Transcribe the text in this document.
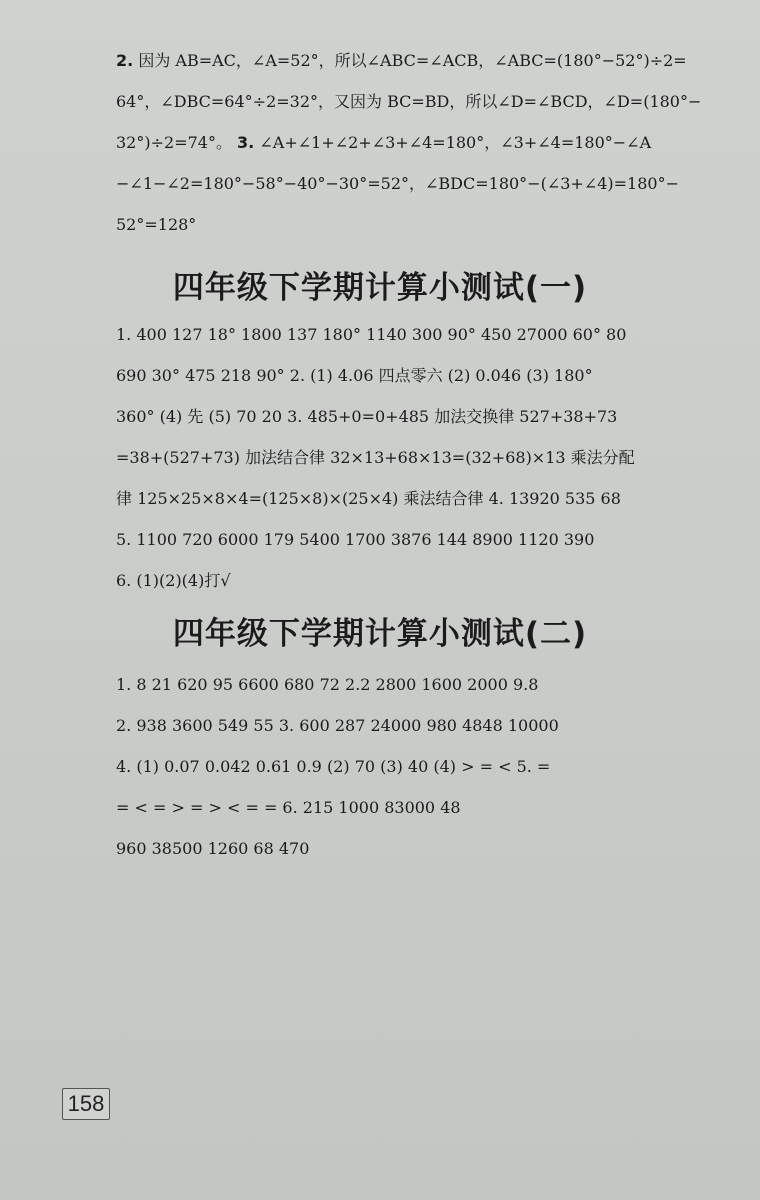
2. 因为 AB=AC，∠A=52°，所以∠ABC=∠ACB，∠ABC=(180°−52°)÷2=
64°，∠DBC=64°÷2=32°，又因为 BC=BD，所以∠D=∠BCD，∠D=(180°−
32°)÷2=74°。 3. ∠A+∠1+∠2+∠3+∠4=180°，∠3+∠4=180°−∠A
−∠1−∠2=180°−58°−40°−30°=52°，∠BDC=180°−(∠3+∠4)=180°−
52°=128°
四年级下学期计算小测试(一)
1. 400 127 18° 1800 137 180° 1140 300 90° 450 27000 60° 80
690 30° 475 218 90° 2. (1) 4.06 四点零六 (2) 0.046 (3) 180°
360° (4) 先 (5) 70 20 3. 485+0=0+485 加法交换律 527+38+73
=38+(527+73) 加法结合律 32×13+68×13=(32+68)×13 乘法分配
律 125×25×8×4=(125×8)×(25×4) 乘法结合律 4. 13920 535 68
5. 1100 720 6000 179 5400 1700 3876 144 8900 1120 390
6. (1)(2)(4)打√
四年级下学期计算小测试(二)
1. 8 21 620 95 6600 680 72 2.2 2800 1600 2000 9.8
2. 938 3600 549 55 3. 600 287 24000 980 4848 10000
4. (1) 0.07 0.042 0.61 0.9 (2) 70 (3) 40 (4) > = < 5. =
= < = > = > < = = 6. 215 1000 83000 48
960 38500 1260 68 470
158
